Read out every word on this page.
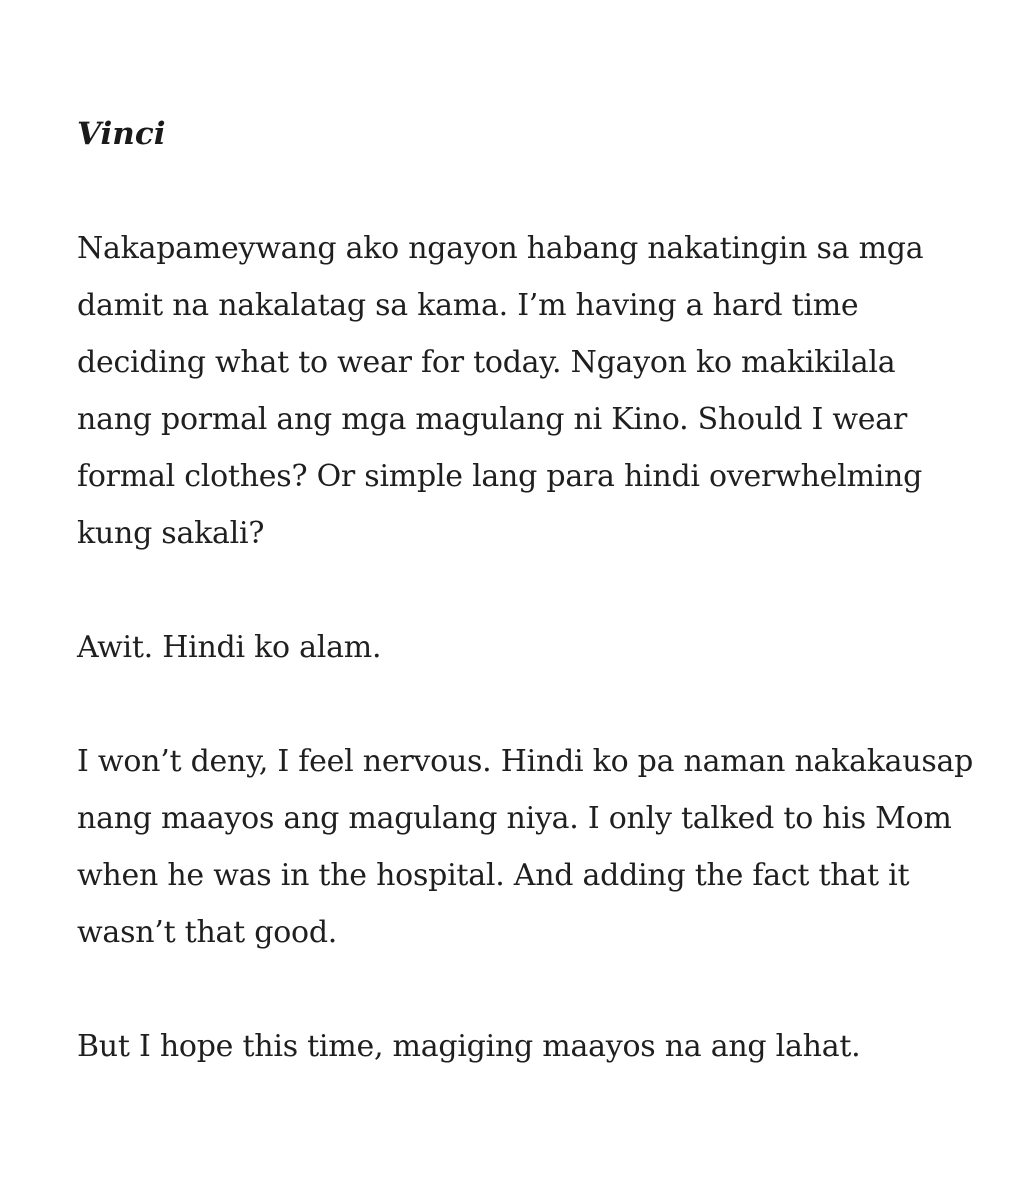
Vinci

Nakapameywang ako ngayon habang nakatingin sa mga damit na nakalatag sa kama. I’m having a hard time deciding what to wear for today. Ngayon ko makikilala nang pormal ang mga magulang ni Kino. Should I wear formal clothes? Or simple lang para hindi overwhelming kung sakali?

Awit. Hindi ko alam.

I won’t deny, I feel nervous. Hindi ko pa naman nakakausap nang maayos ang magulang niya. I only talked to his Mom when he was in the hospital. And adding the fact that it wasn’t that good.

But I hope this time, magiging maayos na ang lahat.
